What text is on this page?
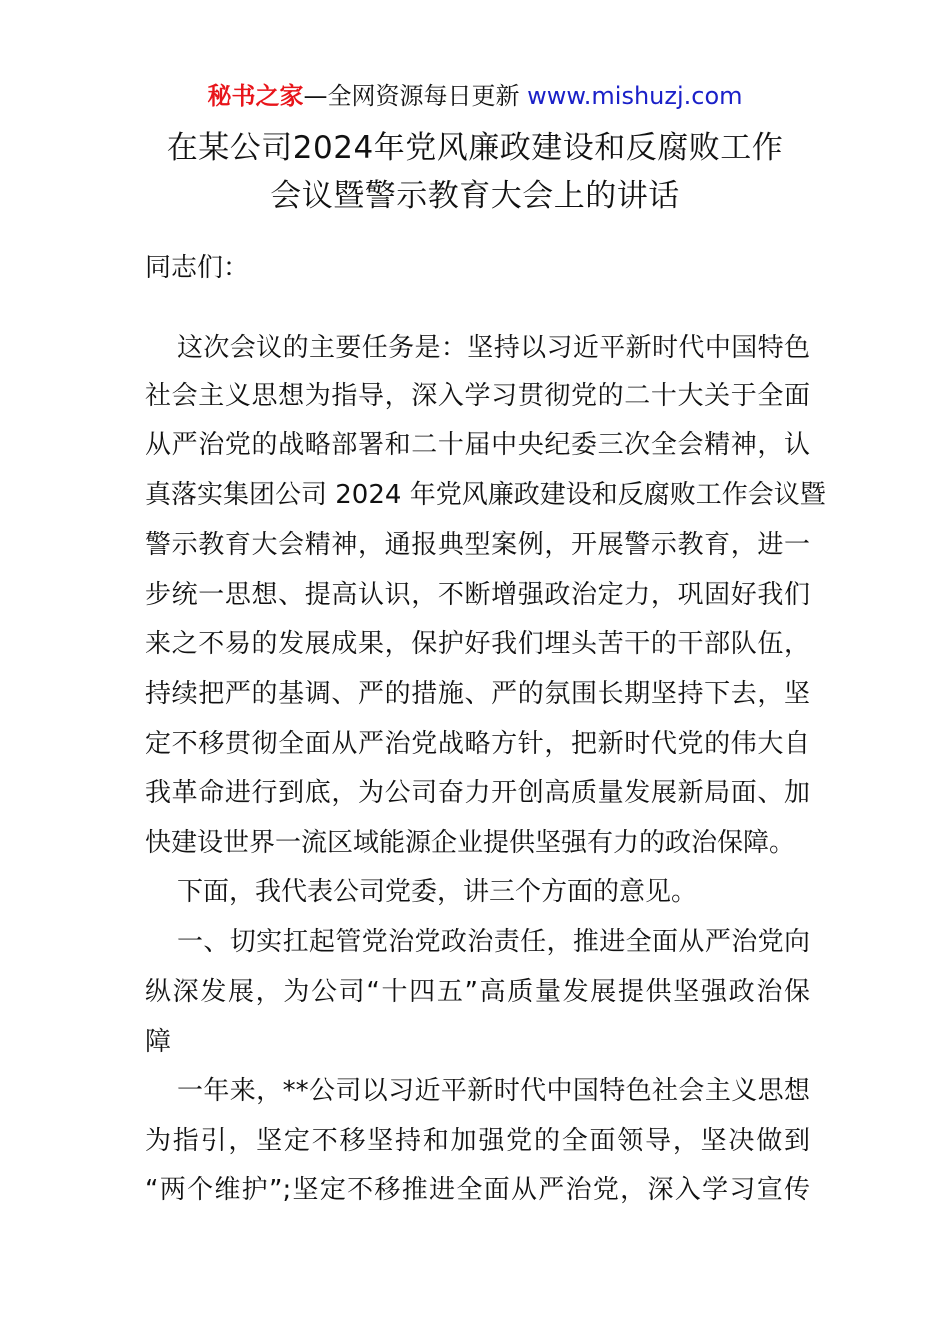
秘书之家—全网资源每日更新 www.mishuzj.com
在某公司2024年党风廉政建设和反腐败工作
会议暨警示教育大会上的讲话
同志们：
这次会议的主要任务是：坚持以习近平新时代中国特色
社会主义思想为指导，深入学习贯彻党的二十大关于全面
从严治党的战略部署和二十届中央纪委三次全会精神，认
真落实集团公司 2024 年党风廉政建设和反腐败工作会议暨
警示教育大会精神，通报典型案例，开展警示教育，进一
步统一思想、提高认识，不断增强政治定力，巩固好我们
来之不易的发展成果，保护好我们埋头苦干的干部队伍，
持续把严的基调、严的措施、严的氛围长期坚持下去，坚
定不移贯彻全面从严治党战略方针，把新时代党的伟大自
我革命进行到底，为公司奋力开创高质量发展新局面、加
快建设世界一流区域能源企业提供坚强有力的政治保障。
下面，我代表公司党委，讲三个方面的意见。
一、切实扛起管党治党政治责任，推进全面从严治党向
纵深发展，为公司“十四五”高质量发展提供坚强政治保
障
一年来，**公司以习近平新时代中国特色社会主义思想
为指引，坚定不移坚持和加强党的全面领导，坚决做到
“两个维护”;坚定不移推进全面从严治党，深入学习宣传
